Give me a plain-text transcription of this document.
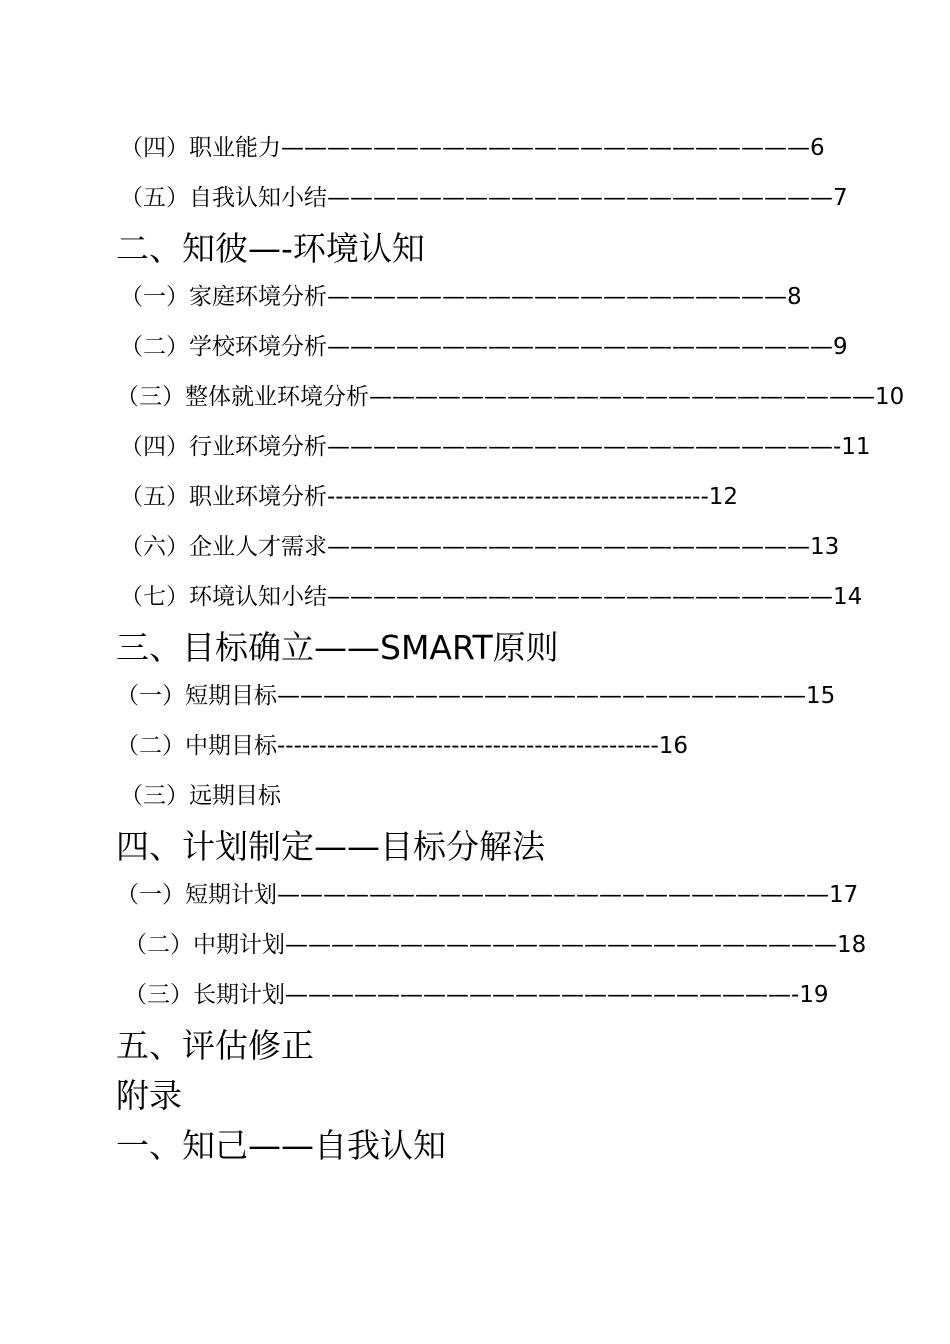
（四）职业能力———————————————————————6
（五）自我认知小结——————————————————————7
二、知彼—-环境认知
（一）家庭环境分析————————————————————8
（二）学校环境分析——————————————————————9
（三）整体就业环境分析——————————————————————10
（四）行业环境分析——————————————————————-11
（五）职业环境分析----------------------------------------------12
（六）企业人才需求—————————————————————13
（七）环境认知小结——————————————————————14
三、目标确立——SMART原则
（一）短期目标———————————————————————15
（二）中期目标----------------------------------------------16
（三）远期目标
四、计划制定——目标分解法
（一）短期计划————————————————————————17
（二）中期计划————————————————————————18
（三）长期计划——————————————————————-19
五、评估修正
附录
一、知己——自我认知
